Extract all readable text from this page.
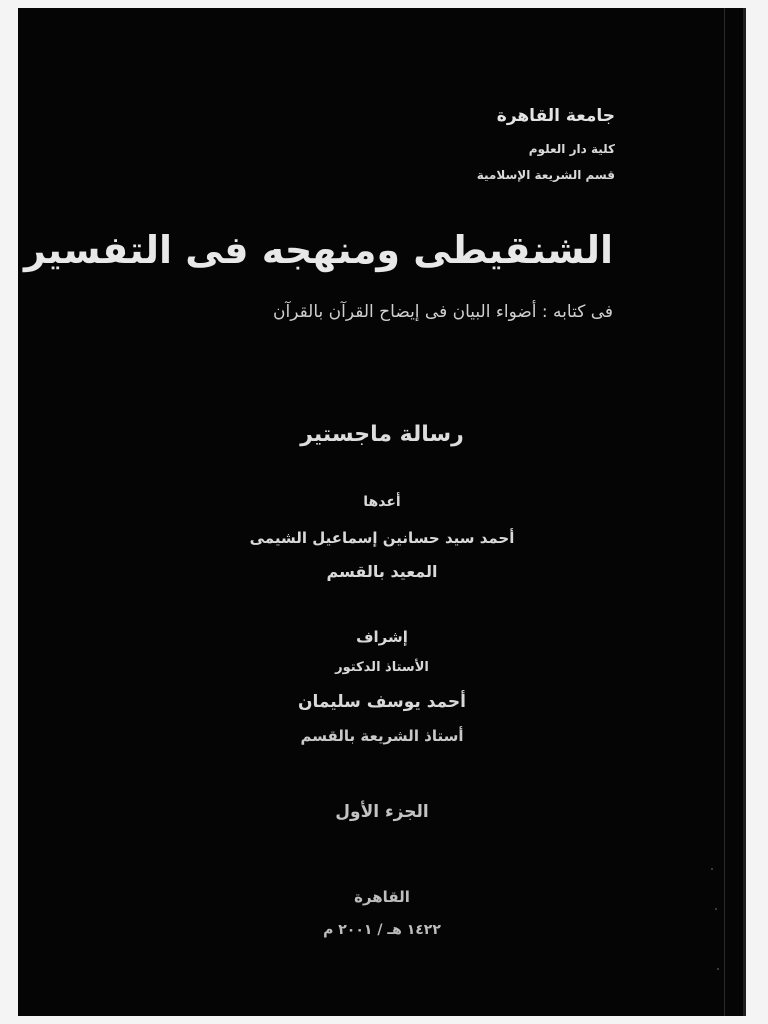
جامعة القاهرة
كلية دار العلوم
قسم الشريعة الإسلامية
الشنقيطى ومنهجه فى التفسير
فى كتابه : أضواء البيان فى إيضاح القرآن بالقرآن
رسالة ماجستير
أعدها
أحمد سيد حسانين إسماعيل الشيمى
المعيد بالقسم
إشراف
الأستاذ الدكتور
أحمد يوسف سليمان
أستاذ الشريعة بالقسم
الجزء الأول
القاهرة
١٤٢٢ هـ / ٢٠٠١ م
